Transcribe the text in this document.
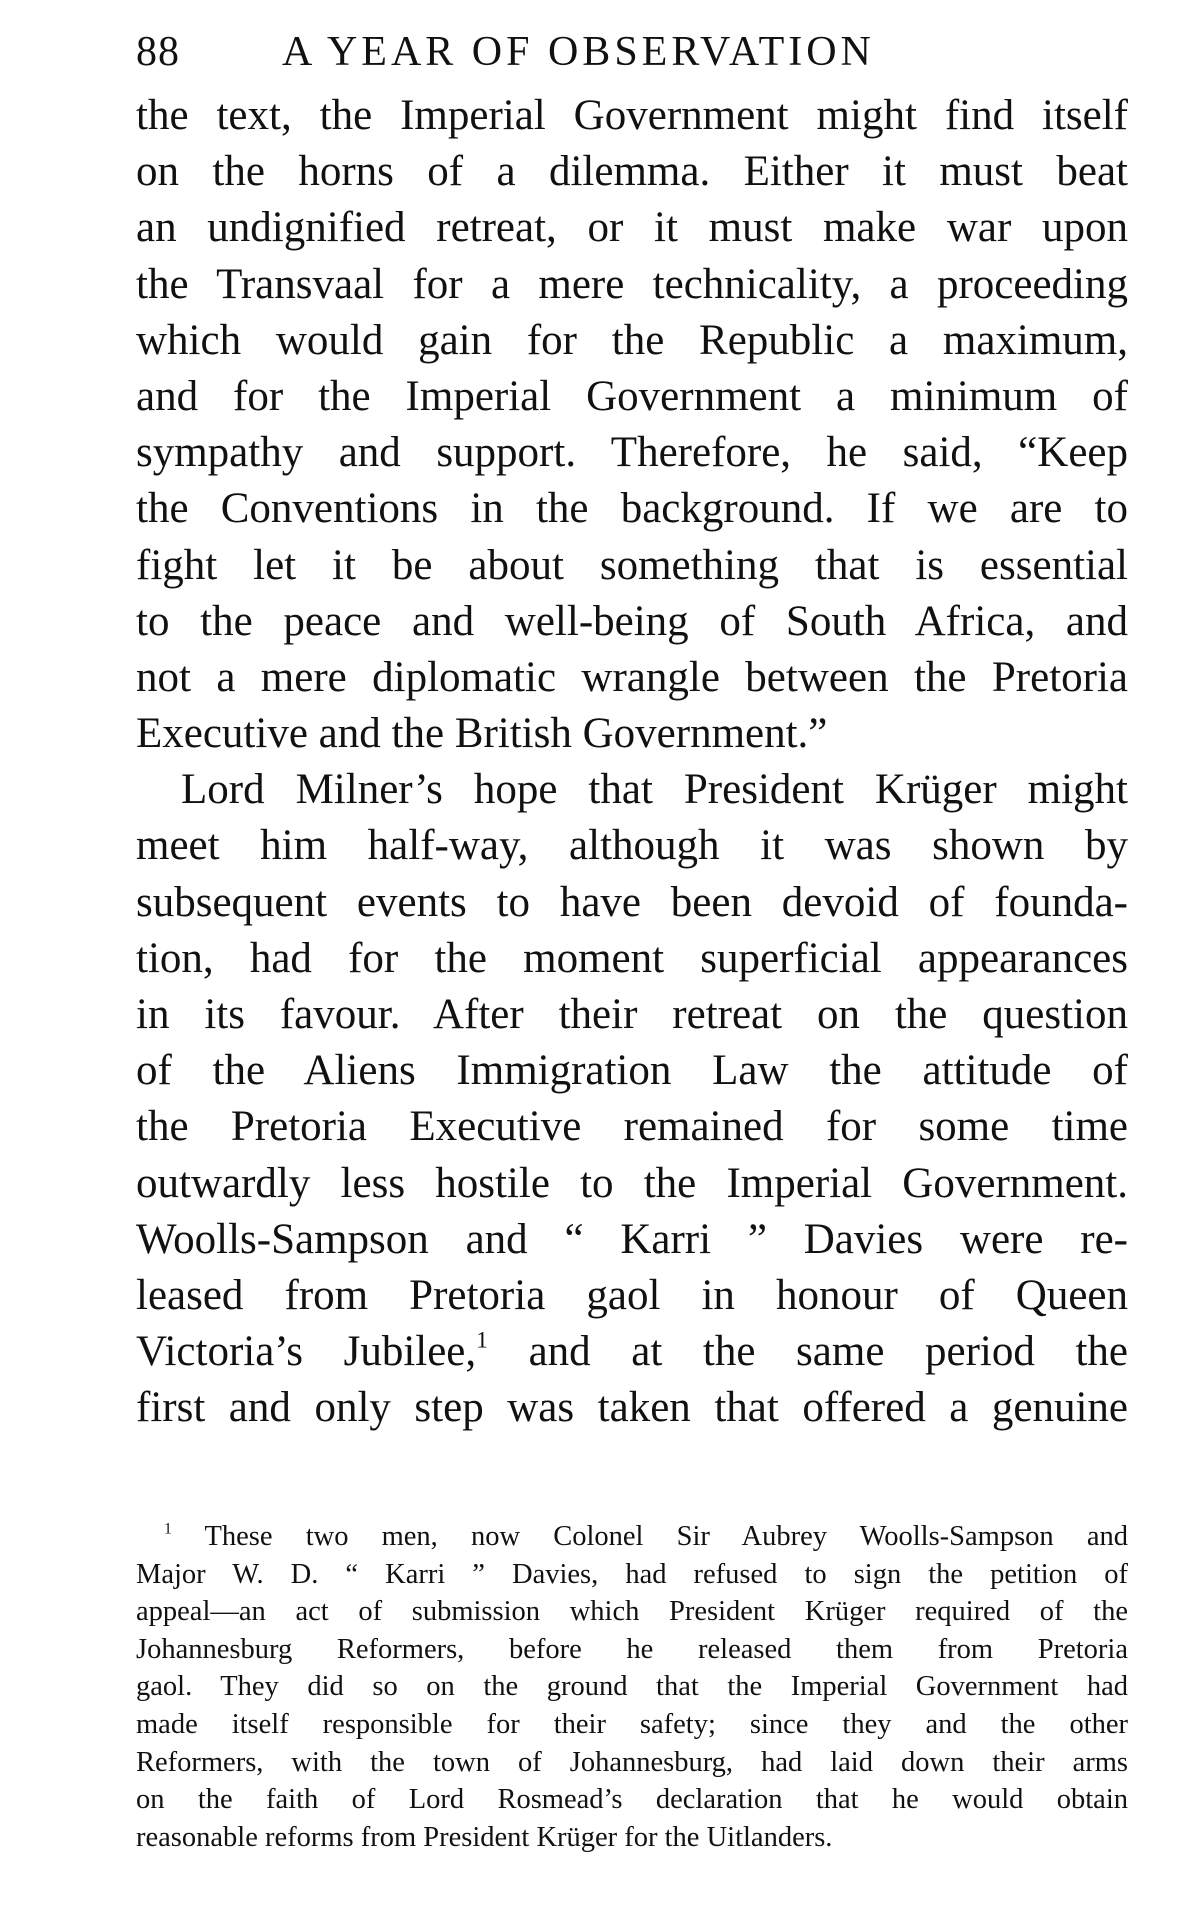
88 A YEAR OF OBSERVATION
the text, the Imperial Government might find itself
on the horns of a dilemma. Either it must beat
an undignified retreat, or it must make war upon
the Transvaal for a mere technicality, a proceeding
which would gain for the Republic a maximum,
and for the Imperial Government a minimum of
sympathy and support. Therefore, he said, “Keep
the Conventions in the background. If we are to
fight let it be about something that is essential
to the peace and well-being of South Africa, and
not a mere diplomatic wrangle between the Pretoria
Executive and the British Government.”
Lord Milner’s hope that President Krüger might
meet him half-way, although it was shown by
subsequent events to have been devoid of founda-
tion, had for the moment superficial appearances
in its favour. After their retreat on the question
of the Aliens Immigration Law the attitude of
the Pretoria Executive remained for some time
outwardly less hostile to the Imperial Government.
Woolls-Sampson and “ Karri ” Davies were re-
leased from Pretoria gaol in honour of Queen
Victoria’s Jubilee,$^1$ and at the same period the
first and only step was taken that offered a genuine
$^1$ These two men, now Colonel Sir Aubrey Woolls-Sampson and
Major W. D. “ Karri ” Davies, had refused to sign the petition of
appeal—an act of submission which President Krüger required of the
Johannesburg Reformers, before he released them from Pretoria
gaol. They did so on the ground that the Imperial Government had
made itself responsible for their safety; since they and the other
Reformers, with the town of Johannesburg, had laid down their arms
on the faith of Lord Rosmead’s declaration that he would obtain
reasonable reforms from President Krüger for the Uitlanders.
